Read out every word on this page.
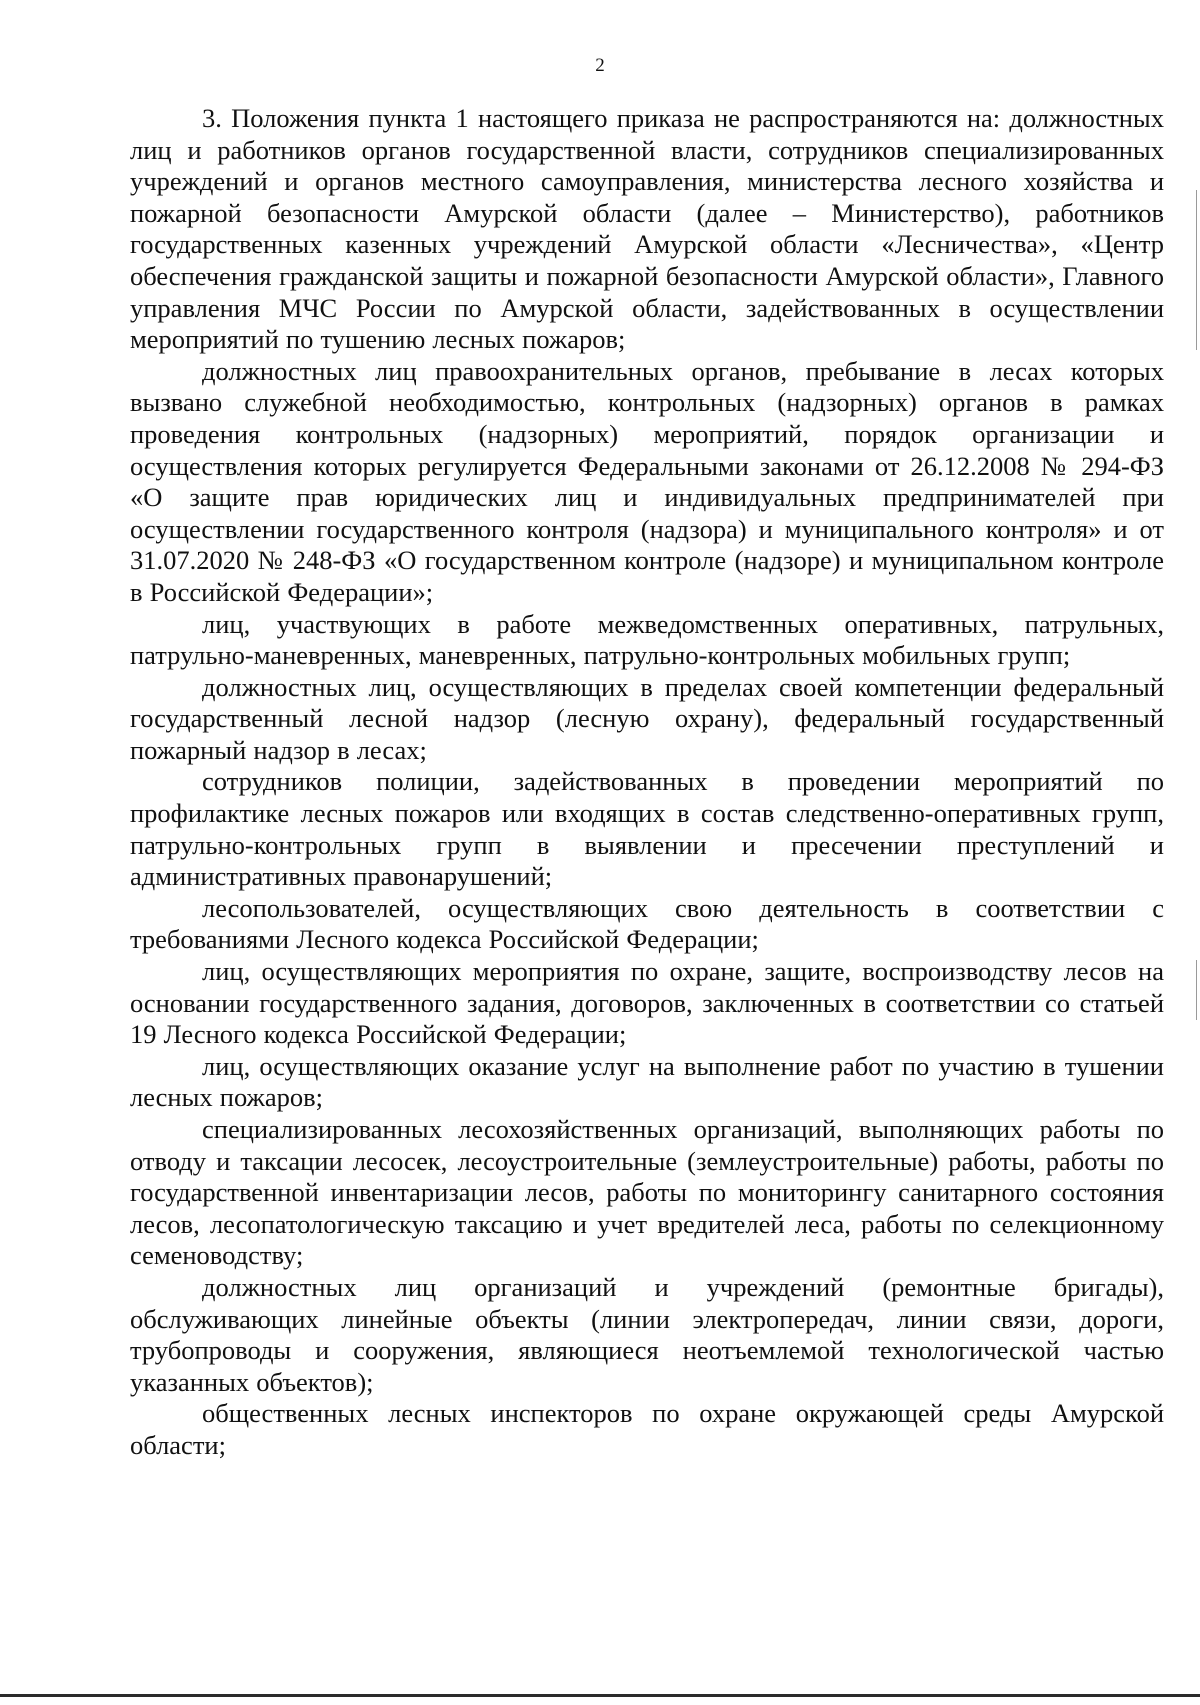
2

3. Положения пункта 1 настоящего приказа не распространяются на: должностных лиц и работников органов государственной власти, сотрудников специализированных учреждений и органов местного самоуправления, министерства лесного хозяйства и пожарной безопасности Амурской области (далее – Министерство), работников государственных казенных учреждений Амурской области «Лесничества», «Центр обеспечения гражданской защиты и пожарной безопасности Амурской области», Главного управления МЧС России по Амурской области, задействованных в осуществлении мероприятий по тушению лесных пожаров;

должностных лиц правоохранительных органов, пребывание в лесах которых вызвано служебной необходимостью, контрольных (надзорных) органов в рамках проведения контрольных (надзорных) мероприятий, порядок организации и осуществления которых регулируется Федеральными законами от 26.12.2008 № 294-ФЗ «О защите прав юридических лиц и индивидуальных предпринимателей при осуществлении государственного контроля (надзора) и муниципального контроля» и от 31.07.2020 № 248-ФЗ «О государственном контроле (надзоре) и муниципальном контроле в Российской Федерации»;

лиц, участвующих в работе межведомственных оперативных, патрульных, патрульно-маневренных, маневренных, патрульно-контрольных мобильных групп;

должностных лиц, осуществляющих в пределах своей компетенции федеральный государственный лесной надзор (лесную охрану), федеральный государственный пожарный надзор в лесах;

сотрудников полиции, задействованных в проведении мероприятий по профилактике лесных пожаров или входящих в состав следственно-оперативных групп, патрульно-контрольных групп в выявлении и пресечении преступлений и административных правонарушений;

лесопользователей, осуществляющих свою деятельность в соответствии с требованиями Лесного кодекса Российской Федерации;

лиц, осуществляющих мероприятия по охране, защите, воспроизводству лесов на основании государственного задания, договоров, заключенных в соответствии со статьей 19 Лесного кодекса Российской Федерации;

лиц, осуществляющих оказание услуг на выполнение работ по участию в тушении лесных пожаров;

специализированных лесохозяйственных организаций, выполняющих работы по отводу и таксации лесосек, лесоустроительные (землеустроительные) работы, работы по государственной инвентаризации лесов, работы по мониторингу санитарного состояния лесов, лесопатологическую таксацию и учет вредителей леса, работы по селекционному семеноводству;

должностных лиц организаций и учреждений (ремонтные бригады), обслуживающих линейные объекты (линии электропередач, линии связи, дороги, трубопроводы и сооружения, являющиеся неотъемлемой технологической частью указанных объектов);

общественных лесных инспекторов по охране окружающей среды Амурской области;
